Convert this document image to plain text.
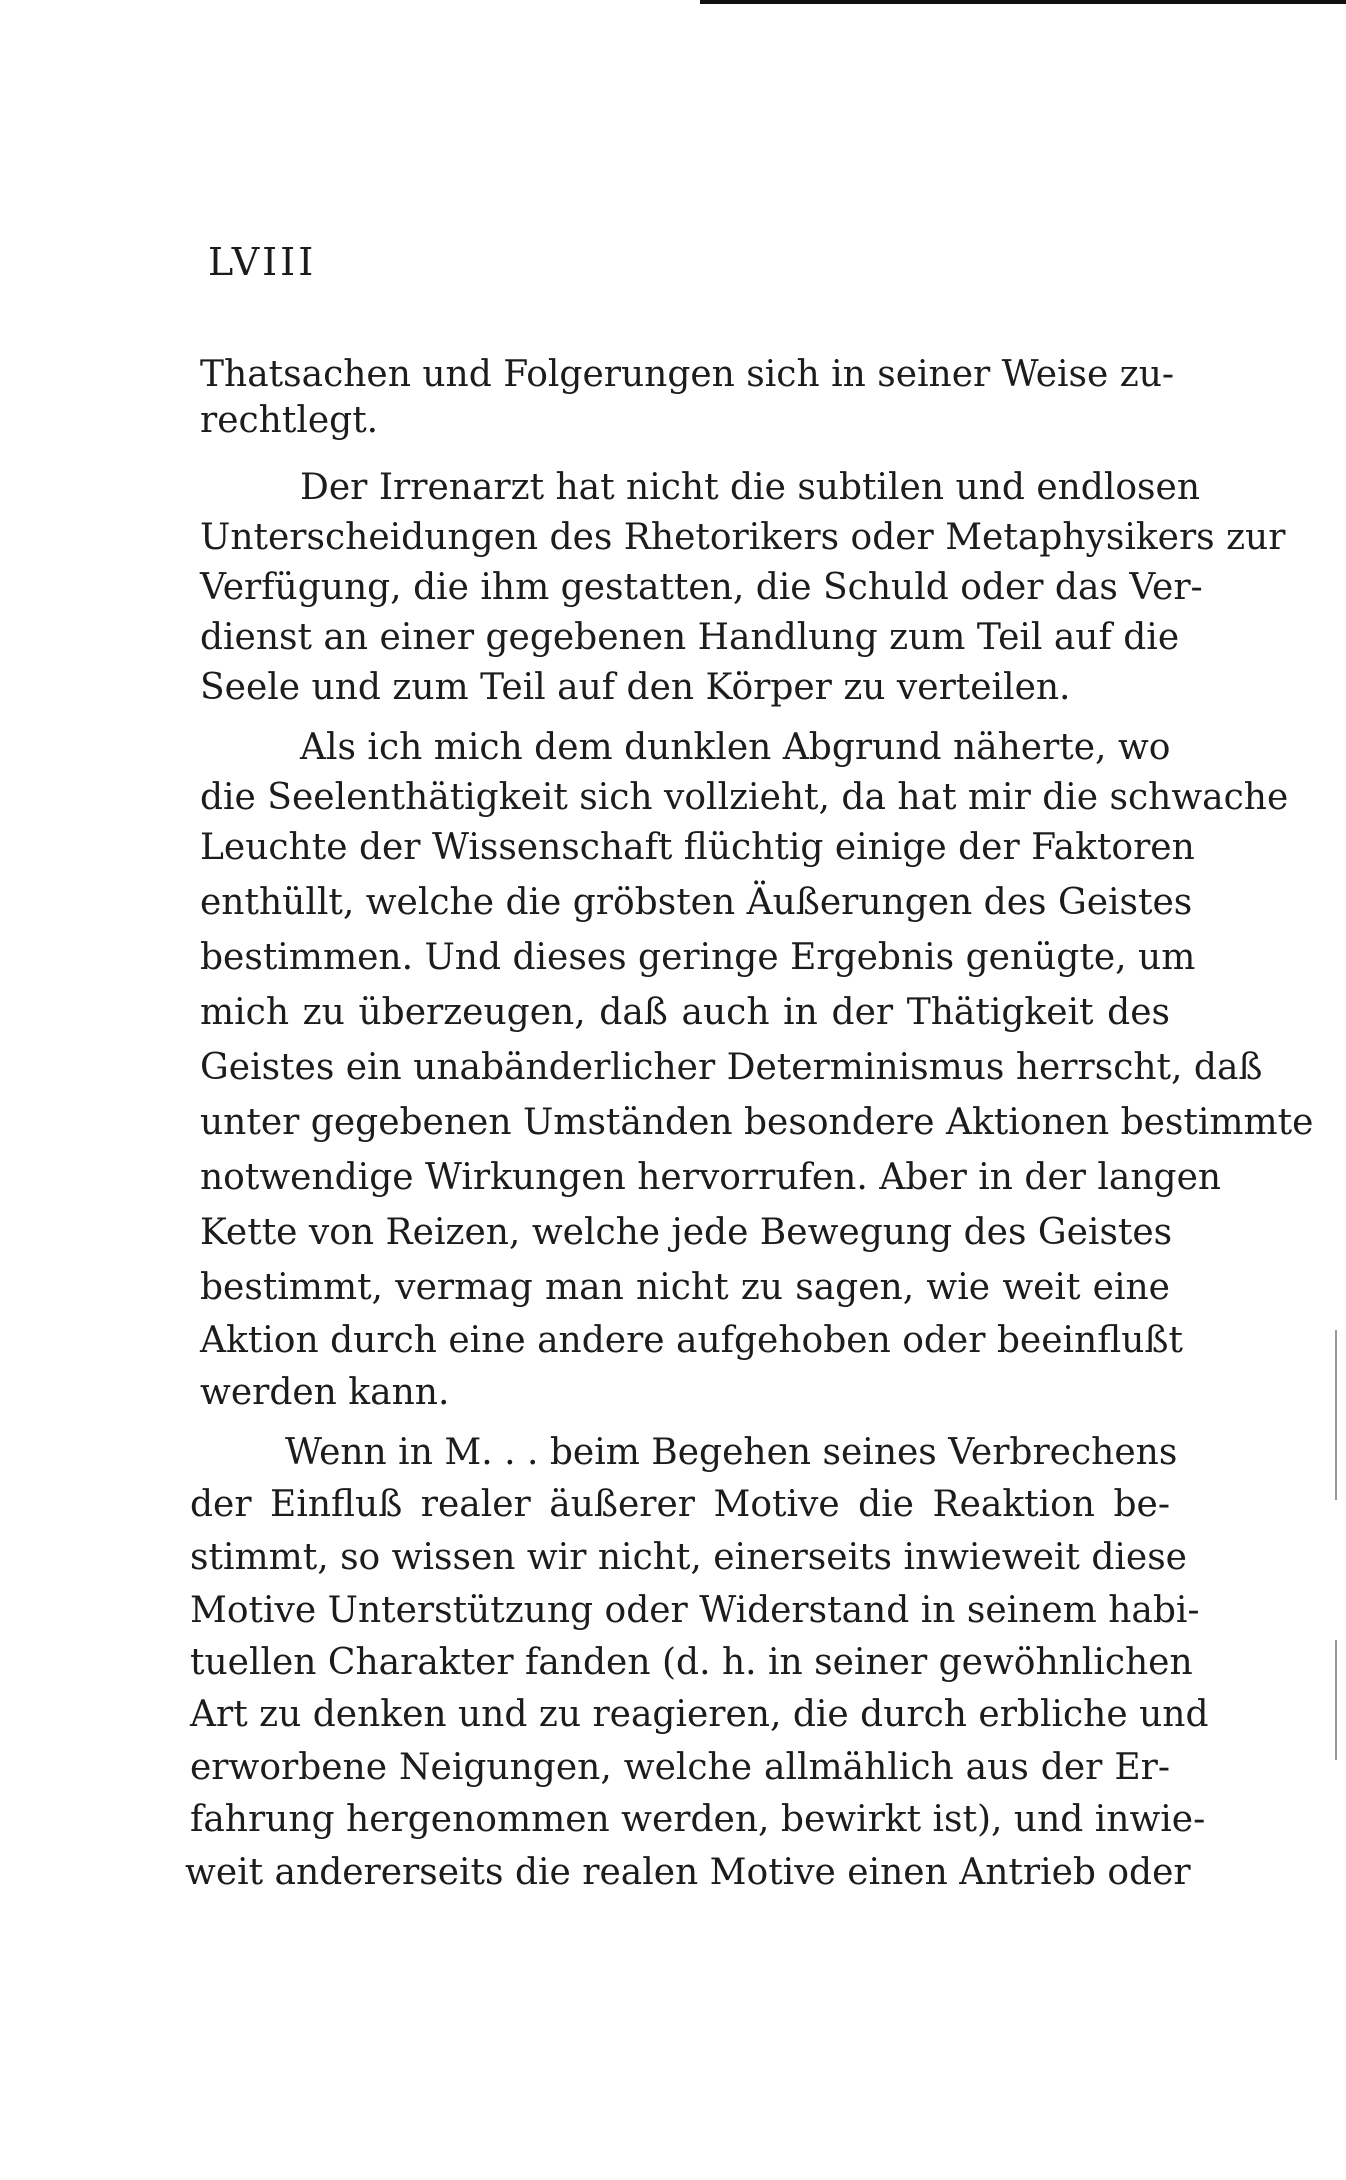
LVIII
Thatsachen und Folgerungen sich in seiner Weise zu-
rechtlegt.
Der Irrenarzt hat nicht die subtilen und endlosen
Unterscheidungen des Rhetorikers oder Metaphysikers zur
Verfügung, die ihm gestatten, die Schuld oder das Ver-
dienst an einer gegebenen Handlung zum Teil auf die
Seele und zum Teil auf den Körper zu verteilen.
Als ich mich dem dunklen Abgrund näherte, wo
die Seelenthätigkeit sich vollzieht, da hat mir die schwache
Leuchte der Wissenschaft flüchtig einige der Faktoren
enthüllt, welche die gröbsten Äußerungen des Geistes
bestimmen. Und dieses geringe Ergebnis genügte, um
mich zu überzeugen, daß auch in der Thätigkeit des
Geistes ein unabänderlicher Determinismus herrscht, daß
unter gegebenen Umständen besondere Aktionen bestimmte
notwendige Wirkungen hervorrufen. Aber in der langen
Kette von Reizen, welche jede Bewegung des Geistes
bestimmt, vermag man nicht zu sagen, wie weit eine
Aktion durch eine andere aufgehoben oder beeinflußt
werden kann.
Wenn in M. . . beim Begehen seines Verbrechens
der Einfluß realer äußerer Motive die Reaktion be-
stimmt, so wissen wir nicht, einerseits inwieweit diese
Motive Unterstützung oder Widerstand in seinem habi-
tuellen Charakter fanden (d. h. in seiner gewöhnlichen
Art zu denken und zu reagieren, die durch erbliche und
erworbene Neigungen, welche allmählich aus der Er-
fahrung hergenommen werden, bewirkt ist), und inwie-
weit andererseits die realen Motive einen Antrieb oder
